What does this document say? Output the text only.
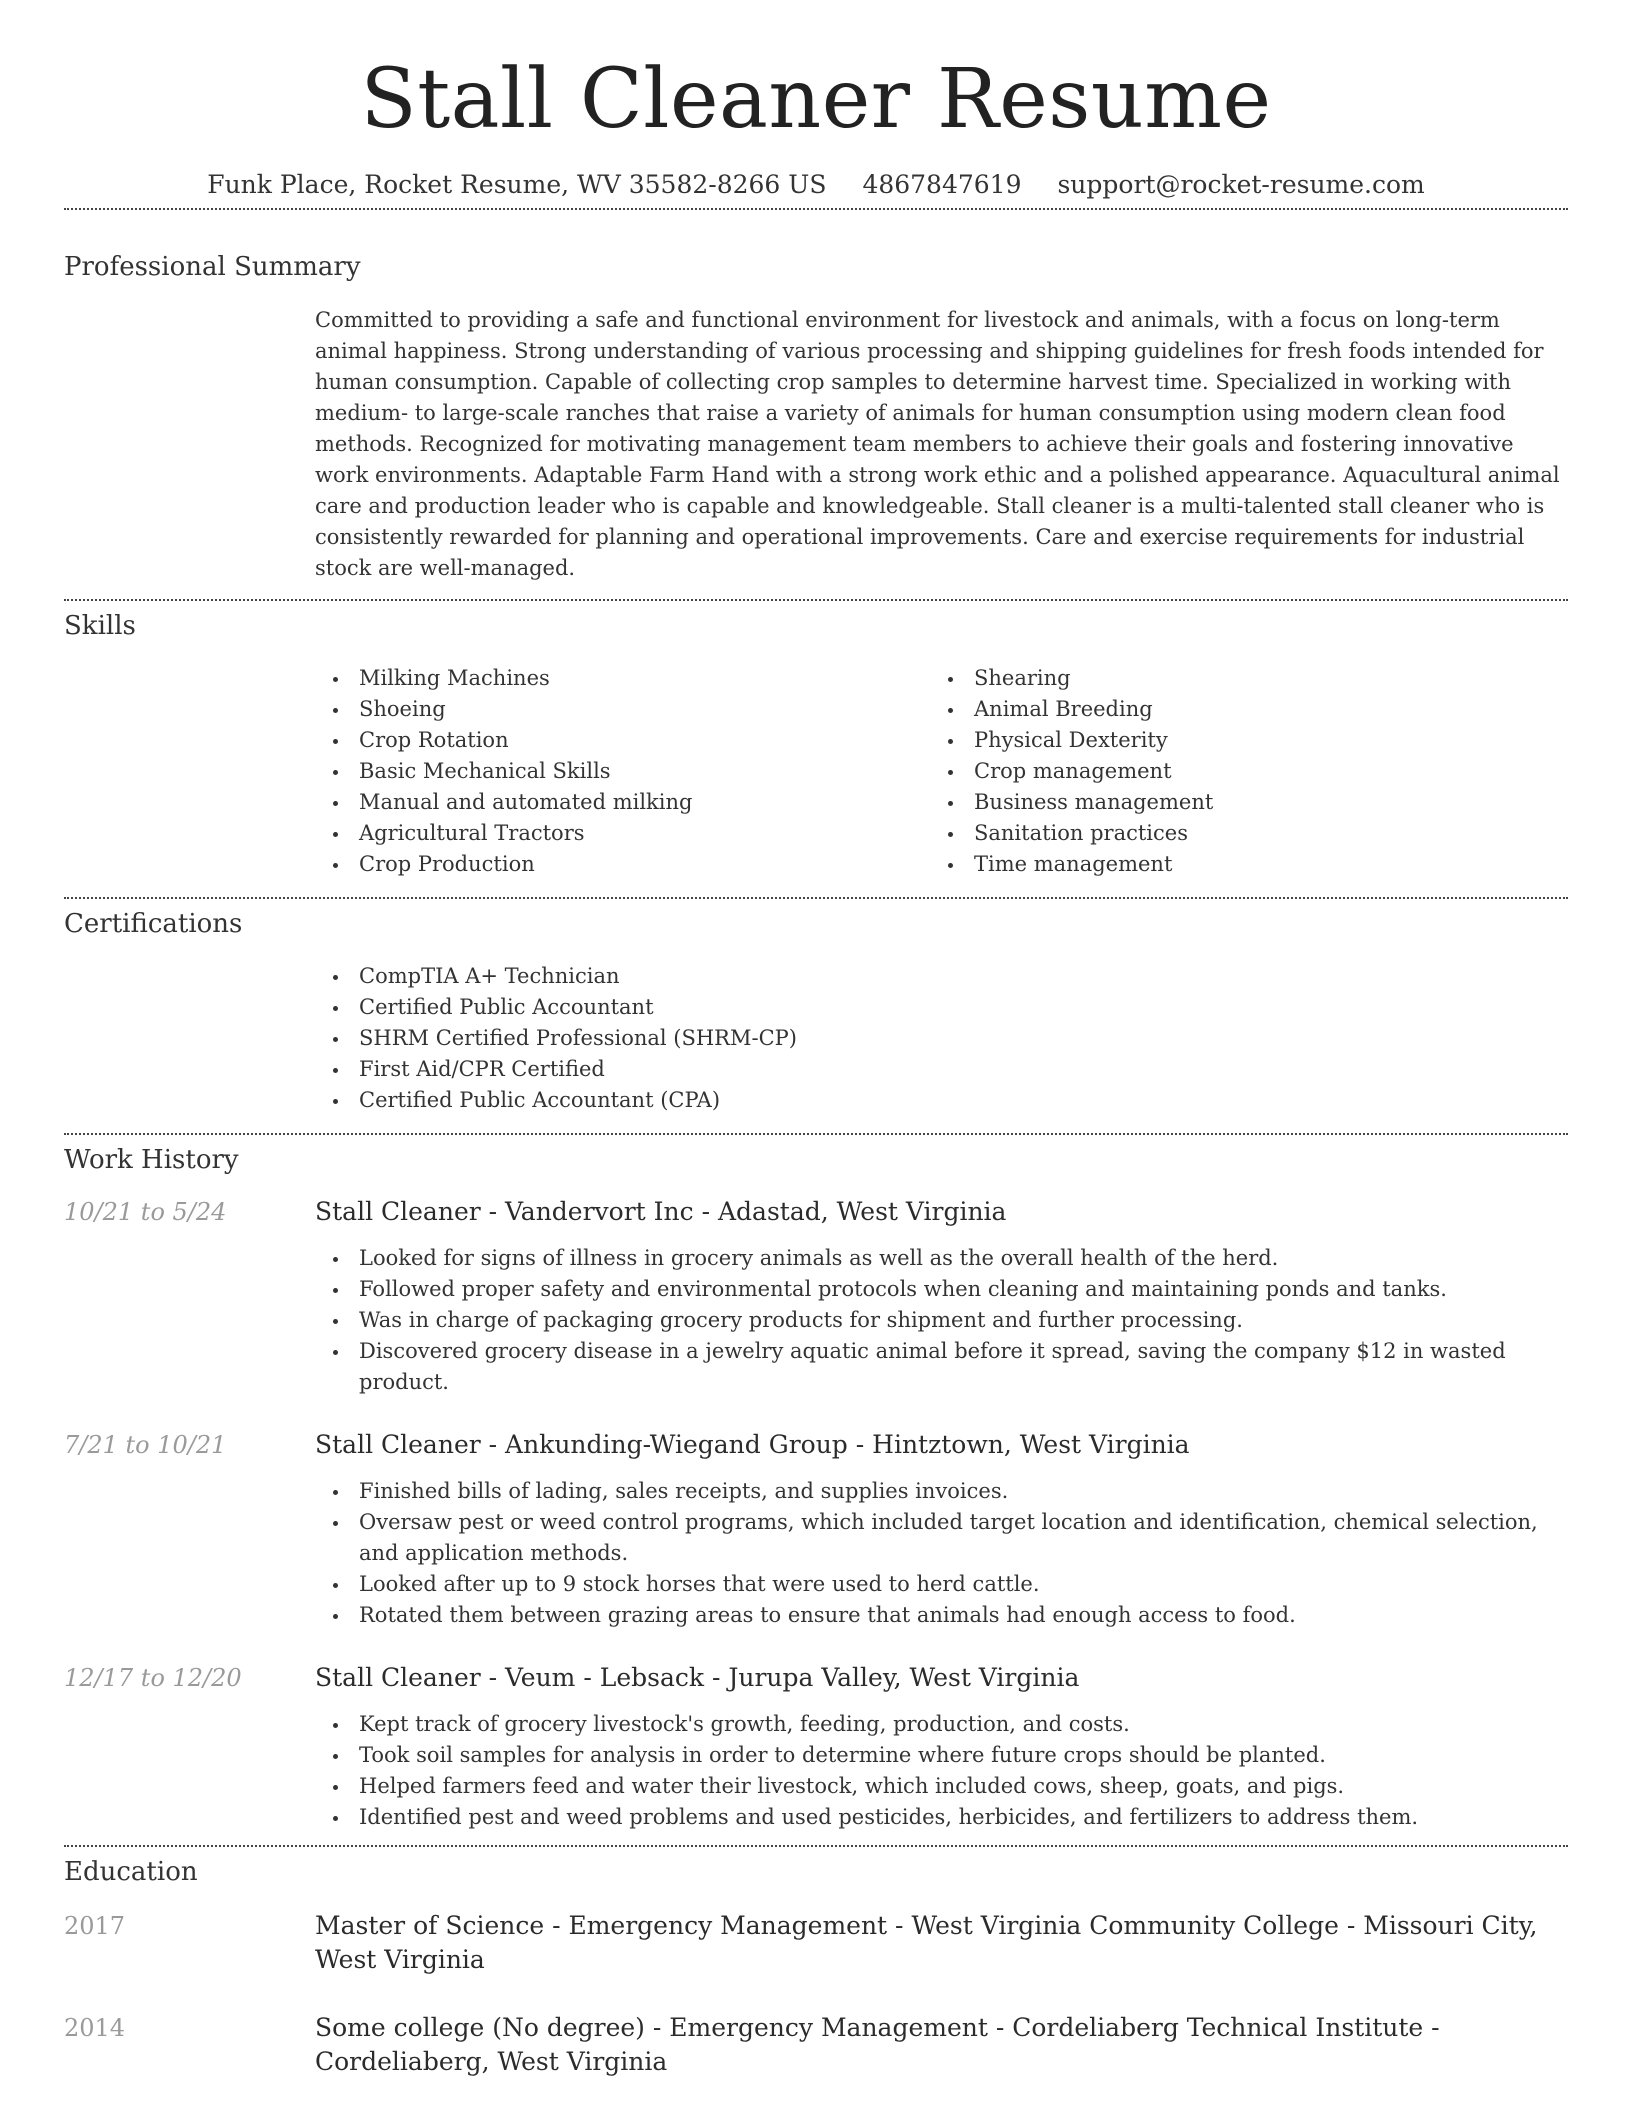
Stall Cleaner Resume
Funk Place, Rocket Resume, WV 35582-8266 US 4867847619 support@rocket-resume.com
Professional Summary

Committed to providing a safe and functional environment for livestock and animals, with a focus on long-term animal happiness. Strong understanding of various processing and shipping guidelines for fresh foods intended for human consumption. Capable of collecting crop samples to determine harvest time. Specialized in working with medium- to large-scale ranches that raise a variety of animals for human consumption using modern clean food methods. Recognized for motivating management team members to achieve their goals and fostering innovative work environments. Adaptable Farm Hand with a strong work ethic and a polished appearance. Aquacultural animal care and production leader who is capable and knowledgeable. Stall cleaner is a multi-talented stall cleaner who is consistently rewarded for planning and operational improvements. Care and exercise requirements for industrial stock are well-managed.

Skills
Milking Machines
Shoeing
Crop Rotation
Basic Mechanical Skills
Manual and automated milking
Agricultural Tractors
Crop Production
Shearing
Animal Breeding
Physical Dexterity
Crop management
Business management
Sanitation practices
Time management
Certifications
CompTIA A+ Technician
Certified Public Accountant
SHRM Certified Professional (SHRM-CP)
First Aid/CPR Certified
Certified Public Accountant (CPA)
Work History
10/21 to 5/24	Stall Cleaner - Vandervort Inc - Adastad, West Virginia
Looked for signs of illness in grocery animals as well as the overall health of the herd.
Followed proper safety and environmental protocols when cleaning and maintaining ponds and tanks.
Was in charge of packaging grocery products for shipment and further processing.
Discovered grocery disease in a jewelry aquatic animal before it spread, saving the company $12 in wasted product.
7/21 to 10/21	Stall Cleaner - Ankunding-Wiegand Group - Hintztown, West Virginia
Finished bills of lading, sales receipts, and supplies invoices.
Oversaw pest or weed control programs, which included target location and identification, chemical selection, and application methods.
Looked after up to 9 stock horses that were used to herd cattle.
Rotated them between grazing areas to ensure that animals had enough access to food.
12/17 to 12/20	Stall Cleaner - Veum - Lebsack - Jurupa Valley, West Virginia
Kept track of grocery livestock's growth, feeding, production, and costs.
Took soil samples for analysis in order to determine where future crops should be planted.
Helped farmers feed and water their livestock, which included cows, sheep, goats, and pigs.
Identified pest and weed problems and used pesticides, herbicides, and fertilizers to address them.
Education
2017	Master of Science - Emergency Management - West Virginia Community College - Missouri City, West Virginia
2014	Some college (No degree) - Emergency Management - Cordeliaberg Technical Institute - Cordeliaberg, West Virginia
